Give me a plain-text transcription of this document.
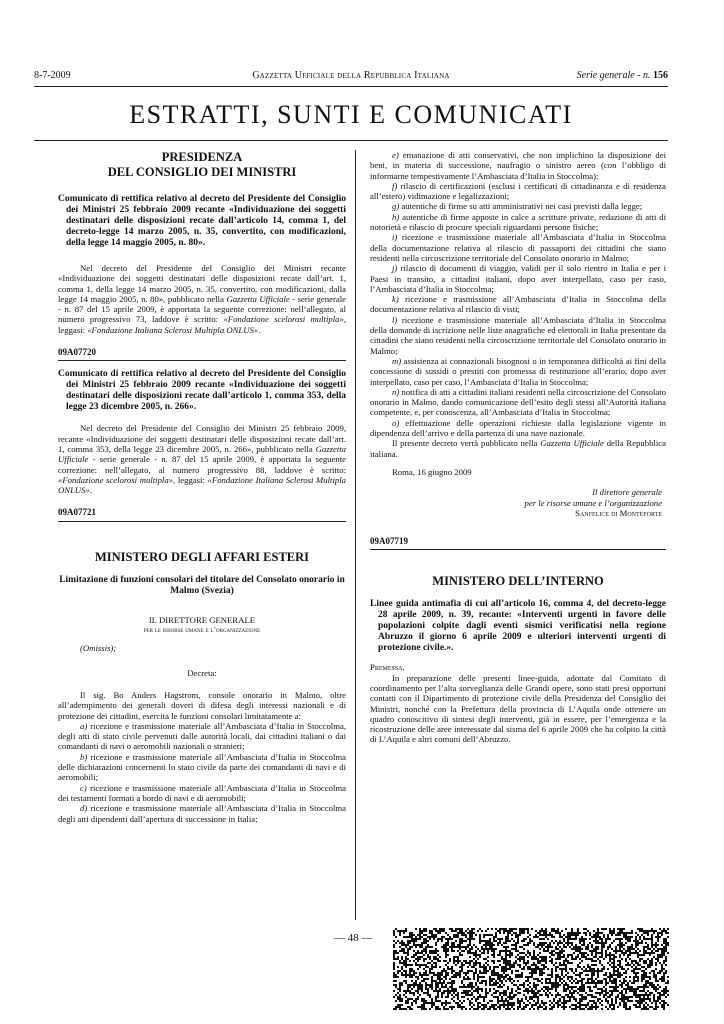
8-7-2009	Gazzetta Ufficiale della Repubblica Italiana	Serie generale - n. 156
ESTRATTI, SUNTI E COMUNICATI
PRESIDENZA
DEL CONSIGLIO DEI MINISTRI

Comunicato di rettifica relativo al decreto del Presidente del Consiglio dei Ministri 25 febbraio 2009 recante «Individuazione dei soggetti destinatari delle disposizioni recate dall’articolo 14, comma 1, del decreto-legge 14 marzo 2005, n. 35, convertito, con modificazioni, della legge 14 maggio 2005, n. 80».

Nel decreto del Presidente del Consiglio dei Ministri recante «Individuazione dei soggetti destinatari delle disposizioni recate dall’art. 1, comma 1, della legge 14 marzo 2005, n. 35, convertito, con modificazioni, dalla legge 14 maggio 2005, n. 80», pubblicato nella Gazzetta Ufficiale - serie generale - n. 87 del 15 aprile 2009, è apportata la seguente correzione: nell’allegato, al numero progressivo 73, laddove è scritto: «Fondazione scelorosi multipla», leggasi: «Fondazione Italiana Sclerosi Multipla ONLUS».

09A07720

Comunicato di rettifica relativo al decreto del Presidente del Consiglio dei Ministri 25 febbraio 2009 recante «Individuazione dei soggetti destinatari delle disposizioni recate dall’articolo 1, comma 353, della legge 23 dicembre 2005, n. 266».

Nel decreto del Presidente del Consiglio dei Ministri 25 febbraio 2009, recante «Individuazione dei soggetti destinatari delle disposizioni recate dall’art. 1, comma 353, della legge 23 dicembre 2005, n. 266», pubblicato nella Gazzetta Ufficiale - serie generale - n. 87 del 15 aprile 2009, è apportata la seguente correzione: nell’allegato, al numero progressivo 88, laddove è scritto: «Fondazione scelorosi multipla», leggasi: «Fondazione Italiana Sclerosi Multipla ONLUS».

09A07721

MINISTERO DEGLI AFFARI ESTERI

Limitazione di funzioni consolari del titolare del Consolato onorario in Malmo (Svezia)

IL DIRETTORE GENERALE

per le risorse umane e l’organizzazione

(Omissis);

Decreta:

Il sig. Bo Anders Hagstrom, console onorario in Malmo, oltre all’adempimento dei generali doveri di difesa degli interessi nazionali e di protezione dei cittadini, esercita le funzioni consolari limitatamente a:

a) ricezione e trasmissione materiale all’Ambasciata d’Italia in Stoccolma, degli atti di stato civile pervenuti dalle autorità locali, dai cittadini italiani o dai comandanti di navi o aeromobili nazionali o stranieri;

b) ricezione e trasmissione materiale all’Ambasciata d’Italia in Stoccolma delle dichiarazioni concernenti lo stato civile da parte dei comandanti di navi e di aeromobili;

c) ricezione e trasmissione materiale all’Ambasciata d’Italia in Stoccolma dei testamenti formati a bordo di navi e di aeromobili;

d) ricezione e trasmissione materiale all’Ambasciata d’Italia in Stoccolma degli atti dipendenti dall’apertura di successione in Italia;

e) emanazione di atti conservativi, che non implichino la disposizione dei beni, in materia di successione, naufragio o sinistro aereo (con l’obbligo di informarne tempestivamente l’Ambasciata d’Italia in Stoccolma);

f) rilascio di certificazioni (esclusi i certificati di cittadinanza e di residenza all’estero) vidimazione e legalizzazioni;

g) autentiche di firme su atti amministrativi nei casi previsti dalla legge;

h) autentiche di firme apposte in calce a scritture private, redazione di atti di notorietà e rilascio di procure speciali riguardanti persone fisiche;

i) ricezione e trasmissione materiale all’Ambasciata d’Italia in Stoccolma della documentazione relativa al rilascio di passaporti dei cittadini che siano residenti nella circoscrizione territoriale del Consolato onorario in Malmo;

j) rilascio di documenti di viaggio, validi per il solo rientro in Italia e per i Paesi in transito, a cittadini italiani, dopo aver interpellato, caso per caso, l’Ambasciata d’Italia in Stoccolma;

k) ricezione e trasmissione all’Ambasciata d’Italia in Stoccolma della documentazione relativa al rilascio di visti;

l) ricezione e trasmissione materiale all’Ambasciata d’Italia in Stoccolma della domande di iscrizione nelle liste anagrafiche ed elettorali in Italia presentate da cittadini che siano residenti nella circoscrizione territoriale del Consolato onorario in Malmo;

m) assistenza ai connazionali bisognosi o in temporanea difficoltà ai fini della concessione di sussidi o prestiti con promessa di restituzione all’erario, dopo aver interpellato, caso per caso, l’Ambasciata d’Italia in Stoccolma;

n) notifica di atti a cittadini italiani residenti nella circoscrizione del Consolato onorario in Malmo, dando comunicazione dell’esito degli stessi all’Autorità italiana competente, e, per conoscenza, all’Ambasciata d’Italia in Stoccolma;

o) effettuazione delle operazioni richieste dalla legislazione vigente in dipendenza dell’arrivo e della partenza di una nave nazionale.

Il presente decreto verrà pubblicato nella Gazzetta Ufficiale della Repubblica italiana.

Roma, 16 giugno 2009

Il direttore generale

per le risorse umane e l’organizzazione

Sanfelice di Monteforte

09A07719

MINISTERO DELL’INTERNO

Linee guida antimafia di cui all’articolo 16, comma 4, del decreto-legge 28 aprile 2009, n. 39, recante: «Interventi urgenti in favore delle popolazioni colpite dagli eventi sismici verificatisi nella regione Abruzzo il giorno 6 aprile 2009 e ulteriori interventi urgenti di protezione civile.».

Premessa.

In preparazione delle presenti linee-guida, adottate dal Comitato di coordinamento per l’alta sorveglianza delle Grandi opere, sono stati presi opportuni contatti con il Dipartimento di protezione civile della Presidenza del Consiglio dei Ministri, nonché con la Prefettura della provincia di L’Aquila onde ottenere un quadro conoscitivo di sintesi degli interventi, già in essere, per l’emergenza e la ricostruzione delle aree interessate dal sisma del 6 aprile 2009 che ha colpito la città di L’Aquila e altri comuni dell’Abruzzo.

— 48 —
